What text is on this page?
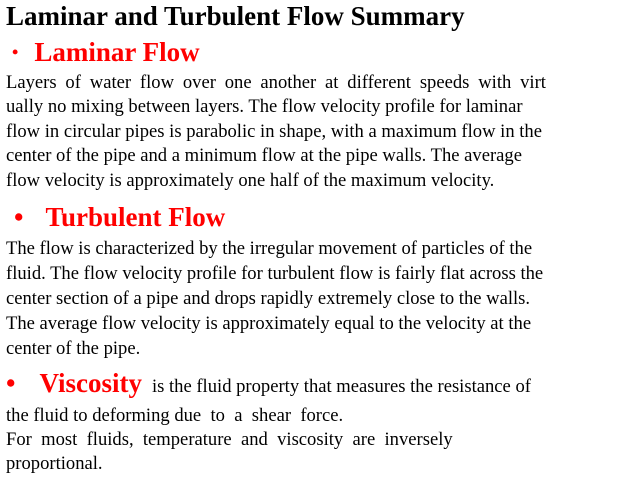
Laminar and Turbulent Flow Summary
• Laminar Flow
Layers of water flow over one another at different speeds with virt
ually no mixing between layers. The flow velocity profile for laminar
flow in circular pipes is parabolic in shape, with a maximum flow in the
center of the pipe and a minimum flow at the pipe walls. The average
flow velocity is approximately one half of the maximum velocity.
• Turbulent Flow
The flow is characterized by the irregular movement of particles of the
fluid. The flow velocity profile for turbulent flow is fairly flat across the
center section of a pipe and drops rapidly extremely close to the walls.
The average flow velocity is approximately equal to the velocity at the
center of the pipe.
• Viscosity is the fluid property that measures the resistance of
the fluid to deforming due  to  a  shear  force.
For  most  fluids,  temperature  and  viscosity  are  inversely
proportional.
